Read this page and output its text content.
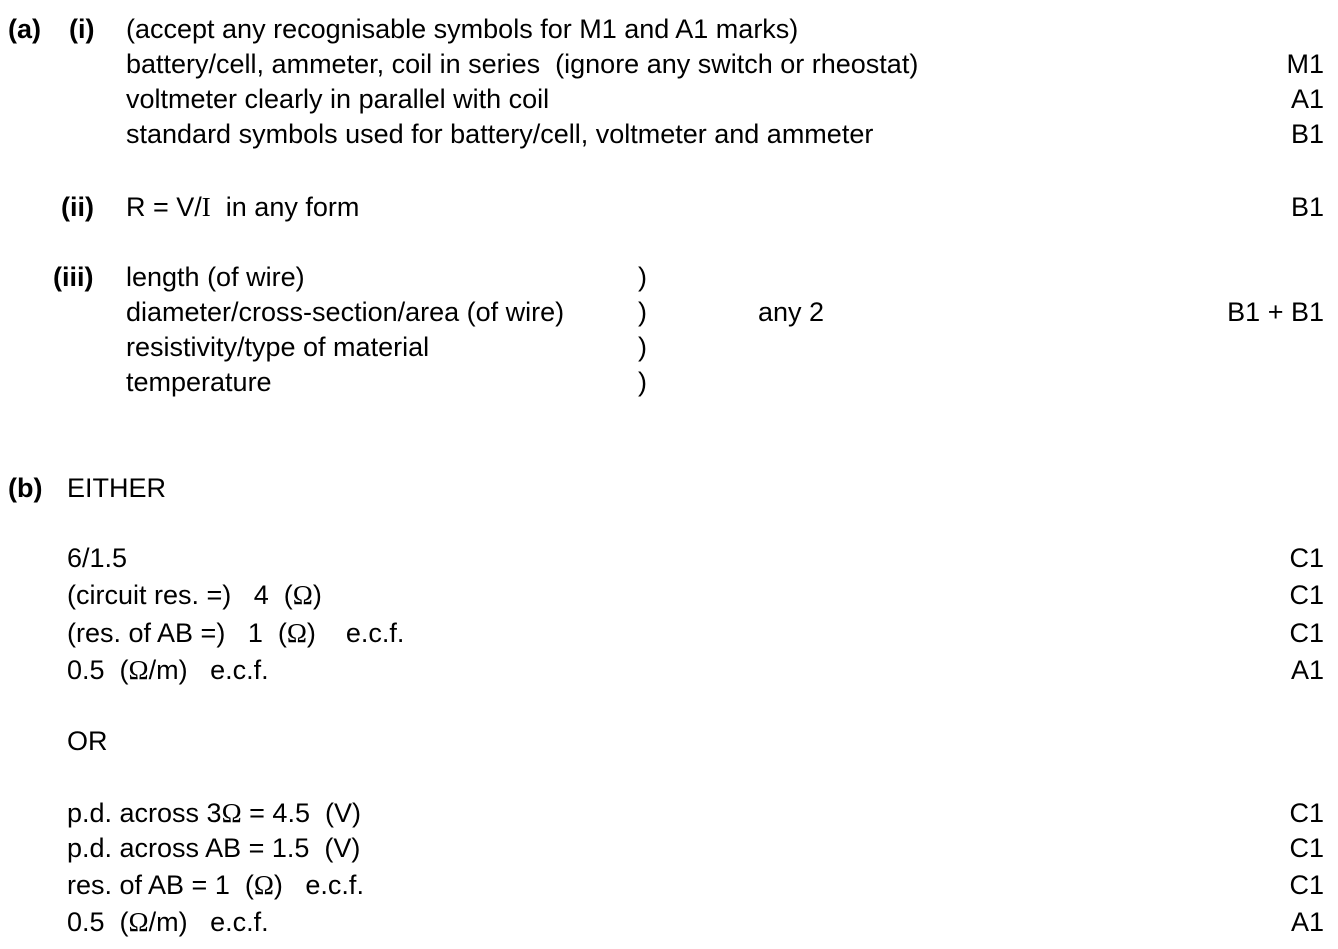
(a) (i) (accept any recognisable symbols for M1 and A1 marks)
battery/cell, ammeter, coil in series  (ignore any switch or rheostat)	M1
voltmeter clearly in parallel with coil	A1
standard symbols used for battery/cell, voltmeter and ammeter	B1
(ii) R = V/I  in any form	B1
(iii) length (of wire)	)
diameter/cross-section/area (of wire)	)	any 2	B1 + B1
resistivity/type of material	)
temperature	)
(b) EITHER
6/1.5	C1
(circuit res. =)   4  (Ω)	C1
(res. of AB =)   1  (Ω)    e.c.f.	C1
0.5  (Ω/m)   e.c.f.	A1
OR
p.d. across 3Ω = 4.5  (V)	C1
p.d. across AB = 1.5  (V)	C1
res. of AB = 1  (Ω)   e.c.f.	C1
0.5  (Ω/m)   e.c.f.	A1
